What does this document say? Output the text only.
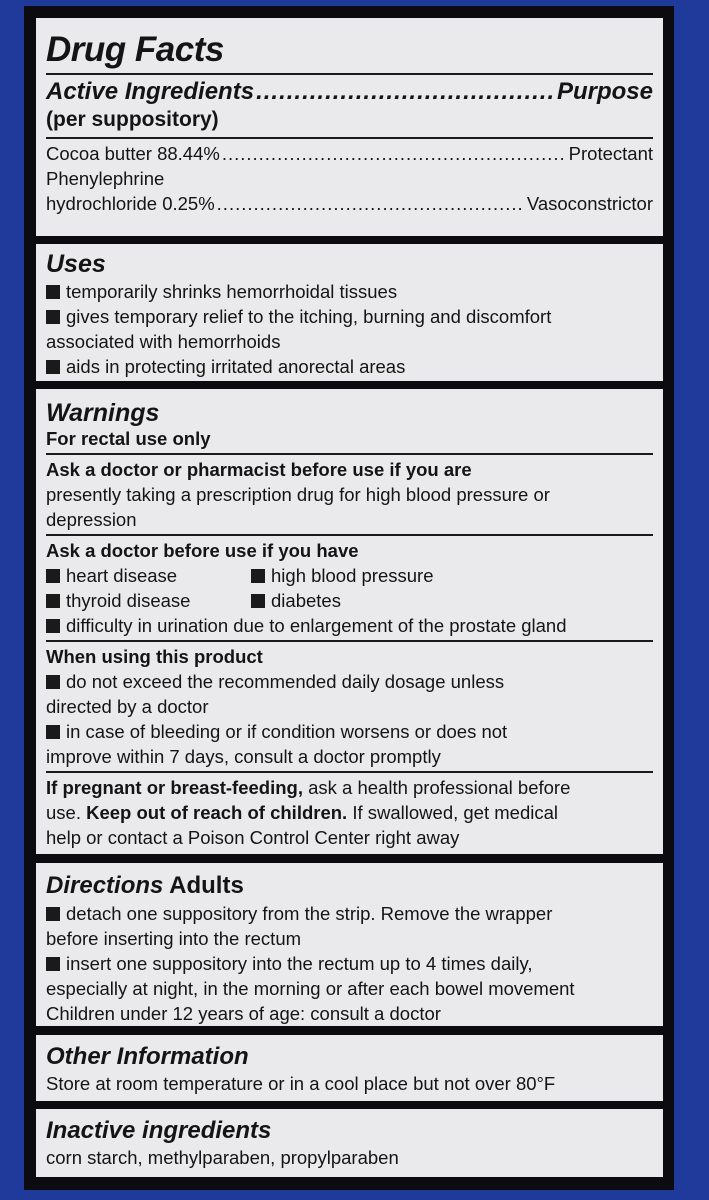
Drug Facts
Active Ingredients .....	Purpose
(per suppository)
Cocoa butter 88.44% .....	Protectant
Phenylephrine
hydrochloride 0.25% .....	Vasoconstrictor
Uses
temporarily shrinks hemorrhoidal tissues
gives temporary relief to the itching, burning and discomfort
associated with hemorrhoids
aids in protecting irritated anorectal areas
Warnings
For rectal use only
Ask a doctor or pharmacist before use if you are
presently taking a prescription drug for high blood pressure or
depression
Ask a doctor before use if you have
heart disease	high blood pressure
thyroid disease	diabetes
difficulty in urination due to enlargement of the prostate gland
When using this product
do not exceed the recommended daily dosage unless
directed by a doctor
in case of bleeding or if condition worsens or does not
improve within 7 days, consult a doctor promptly
If pregnant or breast-feeding, ask a health professional before
use. Keep out of reach of children. If swallowed, get medical
help or contact a Poison Control Center right away
Directions Adults
detach one suppository from the strip. Remove the wrapper
before inserting into the rectum
insert one suppository into the rectum up to 4 times daily,
especially at night, in the morning or after each bowel movement
Children under 12 years of age: consult a doctor
Other Information
Store at room temperature or in a cool place but not over 80°F
Inactive ingredients
corn starch, methylparaben, propylparaben
